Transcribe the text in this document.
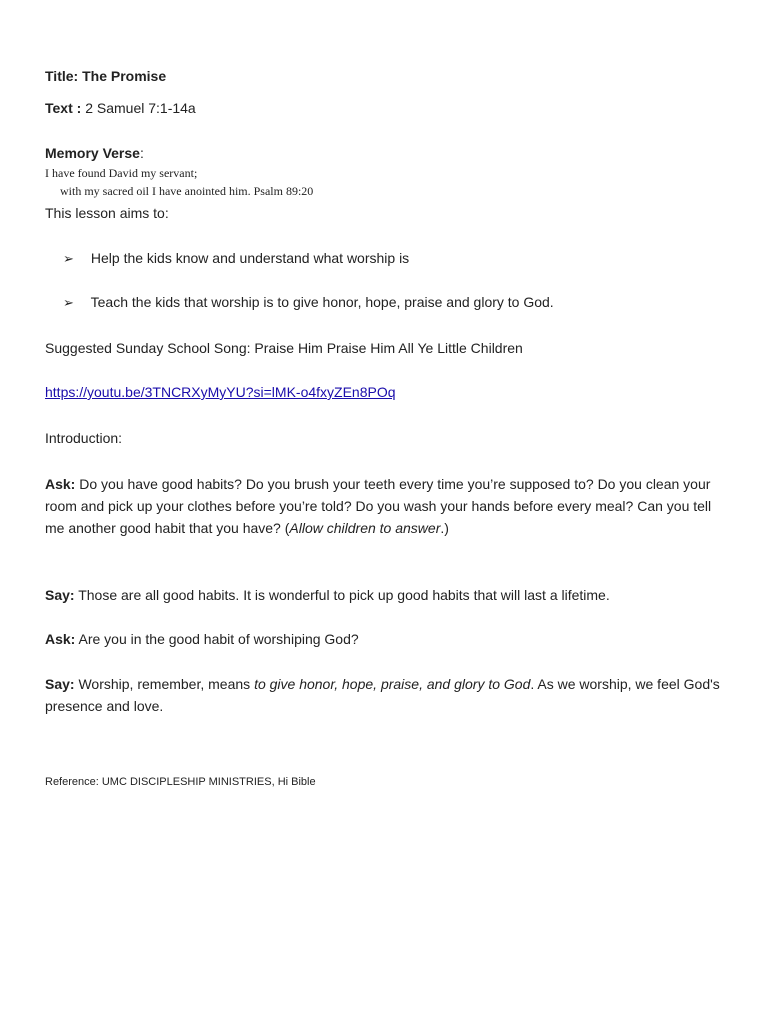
Title: The Promise
Text : 2 Samuel 7:1-14a
Memory Verse:
I have found David my servant;
with my sacred oil I have anointed him. Psalm 89:20
This lesson aims to:
➢ Help the kids know and understand what worship is
➢ Teach the kids that worship is to give honor, hope, praise and glory to God.
Suggested Sunday School Song: Praise Him Praise Him All Ye Little Children
https://youtu.be/3TNCRXyMyYU?si=lMK-o4fxyZEn8POq
Introduction:
Ask: Do you have good habits? Do you brush your teeth every time you’re supposed to? Do you clean your room and pick up your clothes before you’re told? Do you wash your hands before every meal? Can you tell me another good habit that you have? (Allow children to answer.)
Say: Those are all good habits. It is wonderful to pick up good habits that will last a lifetime.
Ask: Are you in the good habit of worshiping God?
Say: Worship, remember, means to give honor, hope, praise, and glory to God. As we worship, we feel God's presence and love.
Reference: UMC DISCIPLESHIP MINISTRIES, Hi Bible
